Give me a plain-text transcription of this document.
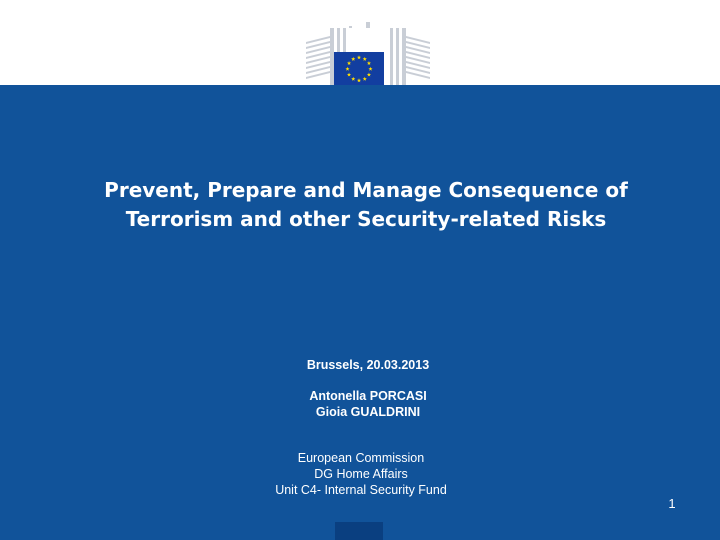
Prevent, Prepare and Manage Consequence of
Terrorism and other Security-related Risks
Brussels, 20.03.2013
Antonella PORCASI
Gioia GUALDRINI
European Commission
DG Home Affairs
Unit C4- Internal Security Fund
1
